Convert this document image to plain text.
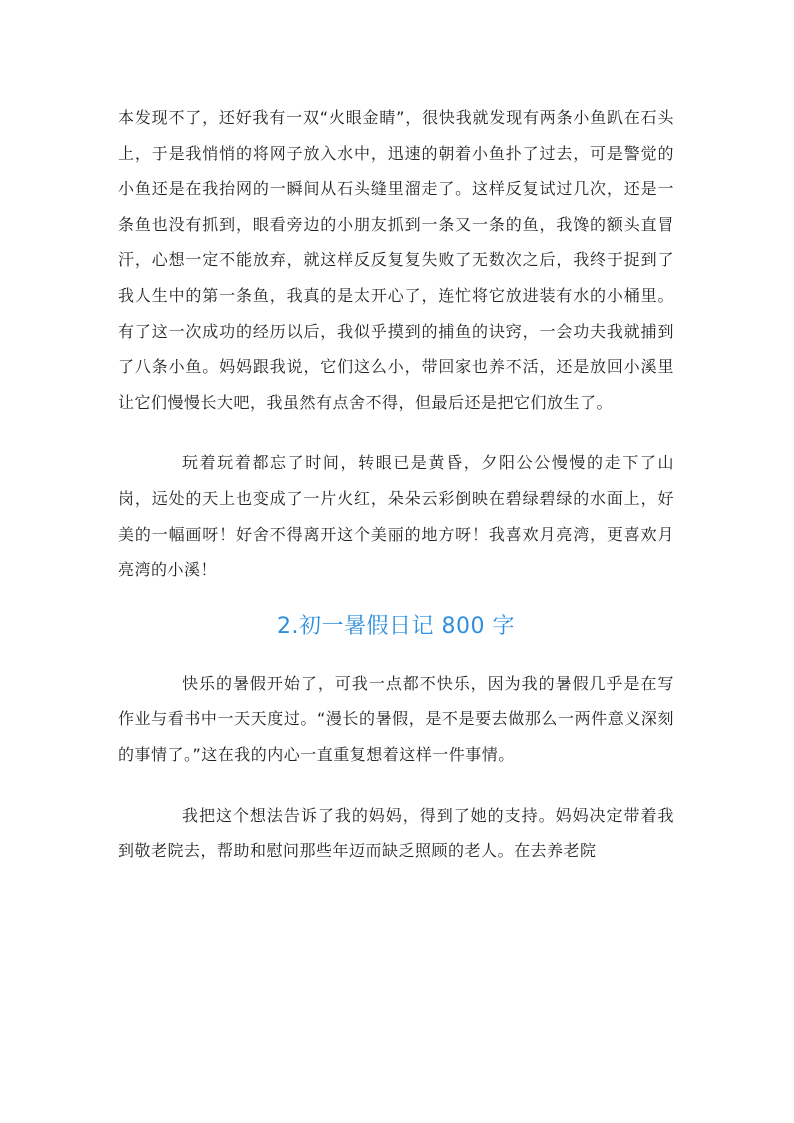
本发现不了，还好我有一双“火眼金睛”，很快我就发现有两条小鱼趴在石头上，于是我悄悄的将网子放入水中，迅速的朝着小鱼扑了过去，可是警觉的小鱼还是在我抬网的一瞬间从石头缝里溜走了。这样反复试过几次，还是一条鱼也没有抓到，眼看旁边的小朋友抓到一条又一条的鱼，我馋的额头直冒汗，心想一定不能放弃，就这样反反复复失败了无数次之后，我终于捉到了我人生中的第一条鱼，我真的是太开心了，连忙将它放进装有水的小桶里。有了这一次成功的经历以后，我似乎摸到的捕鱼的诀窍，一会功夫我就捕到了八条小鱼。妈妈跟我说，它们这么小，带回家也养不活，还是放回小溪里让它们慢慢长大吧，我虽然有点舍不得，但最后还是把它们放生了。

玩着玩着都忘了时间，转眼已是黄昏，夕阳公公慢慢的走下了山岗，远处的天上也变成了一片火红，朵朵云彩倒映在碧绿碧绿的水面上，好美的一幅画呀！好舍不得离开这个美丽的地方呀！我喜欢月亮湾，更喜欢月亮湾的小溪！

2.初一暑假日记 800 字

快乐的暑假开始了，可我一点都不快乐，因为我的暑假几乎是在写作业与看书中一天天度过。“漫长的暑假，是不是要去做那么一两件意义深刻的事情了。”这在我的内心一直重复想着这样一件事情。

我把这个想法告诉了我的妈妈，得到了她的支持。妈妈决定带着我到敬老院去，帮助和慰问那些年迈而缺乏照顾的老人。在去养老院
